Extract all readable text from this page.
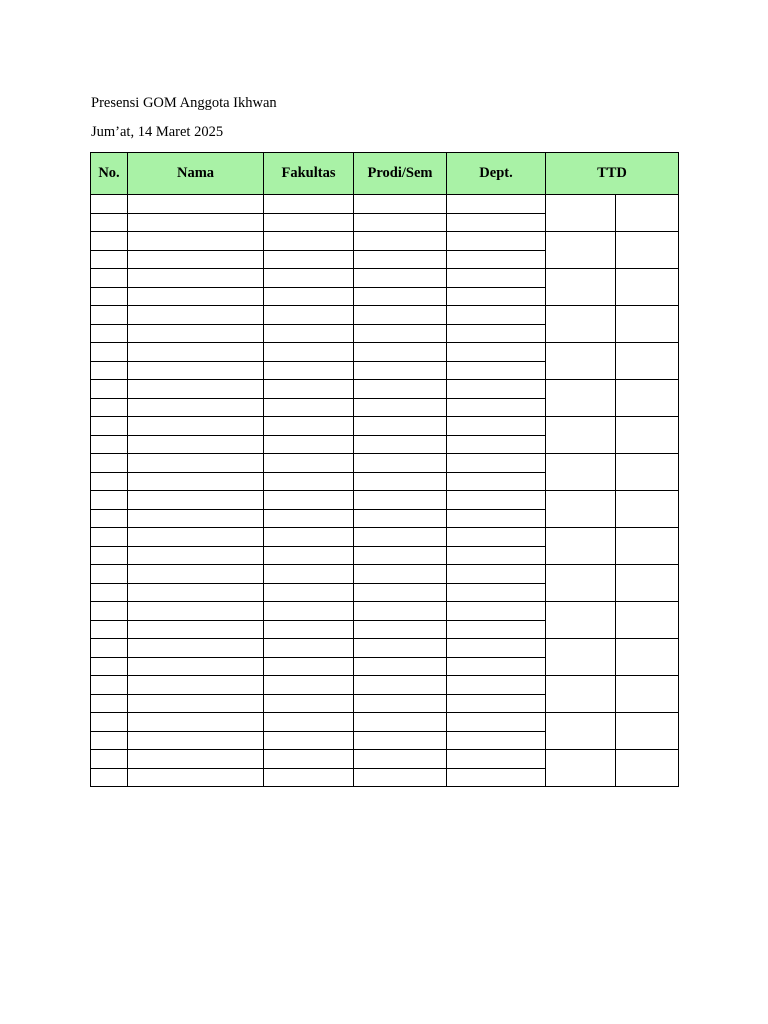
Presensi GOM Anggota Ikhwan
Jum’at, 14 Maret 2025
No.	Nama	Fakultas	Prodi/Sem	Dept.	TTD	
